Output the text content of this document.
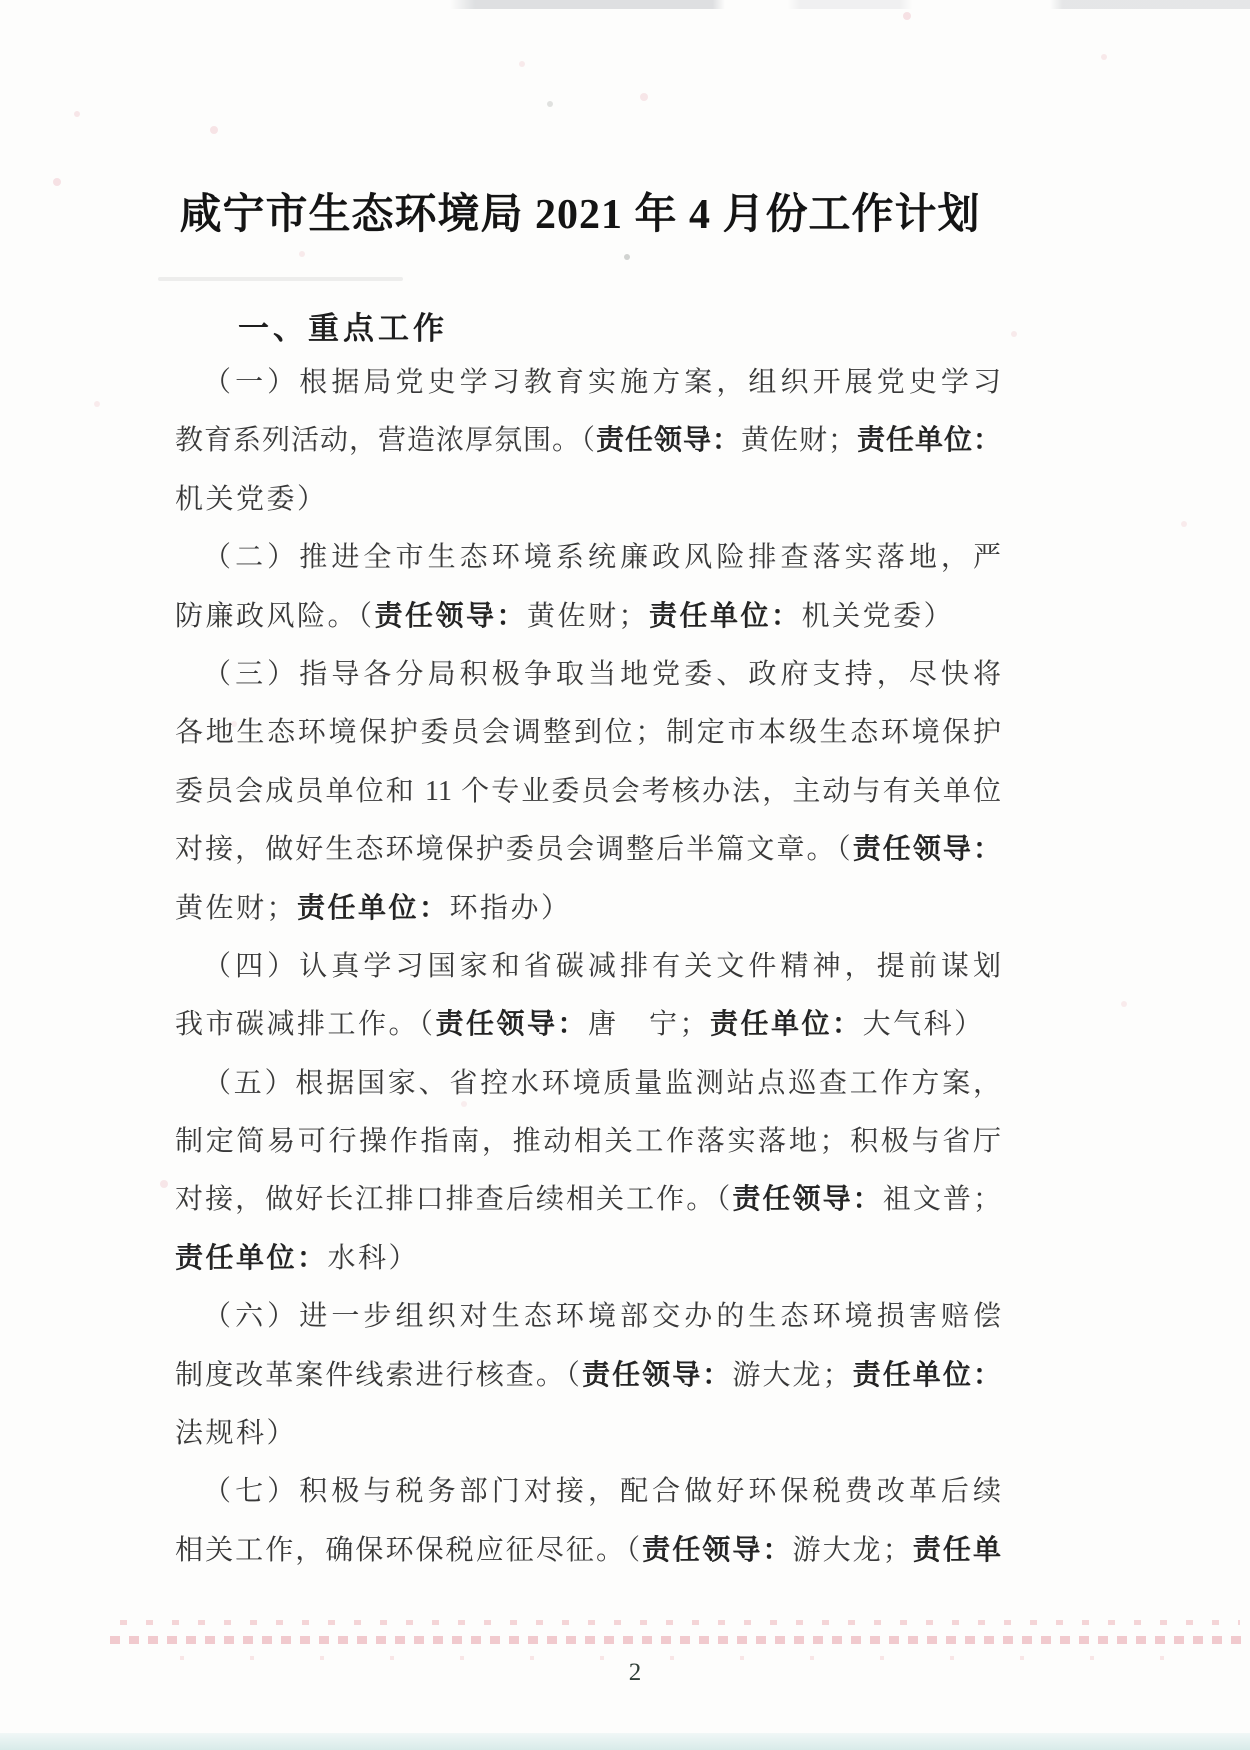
咸宁市生态环境局 2021 年 4 月份工作计划
一、重点工作
（一）根据局党史学习教育实施方案，组织开展党史学习
教育系列活动，营造浓厚氛围。（责任领导：黄佐财；责任单位：
机关党委）
（二）推进全市生态环境系统廉政风险排查落实落地，严
防廉政风险。（责任领导：黄佐财；责任单位：机关党委）
（三）指导各分局积极争取当地党委、政府支持，尽快将
各地生态环境保护委员会调整到位；制定市本级生态环境保护
委员会成员单位和 11 个专业委员会考核办法，主动与有关单位
对接，做好生态环境保护委员会调整后半篇文章。（责任领导：
黄佐财；责任单位：环指办）
（四）认真学习国家和省碳减排有关文件精神，提前谋划
我市碳减排工作。（责任领导：唐　宁；责任单位：大气科）
（五）根据国家、省控水环境质量监测站点巡查工作方案，
制定简易可行操作指南，推动相关工作落实落地；积极与省厅
对接，做好长江排口排查后续相关工作。（责任领导：祖文普；
责任单位：水科）
（六）进一步组织对生态环境部交办的生态环境损害赔偿
制度改革案件线索进行核查。（责任领导：游大龙；责任单位：
法规科）
（七）积极与税务部门对接，配合做好环保税费改革后续
相关工作，确保环保税应征尽征。（责任领导：游大龙；责任单
2
